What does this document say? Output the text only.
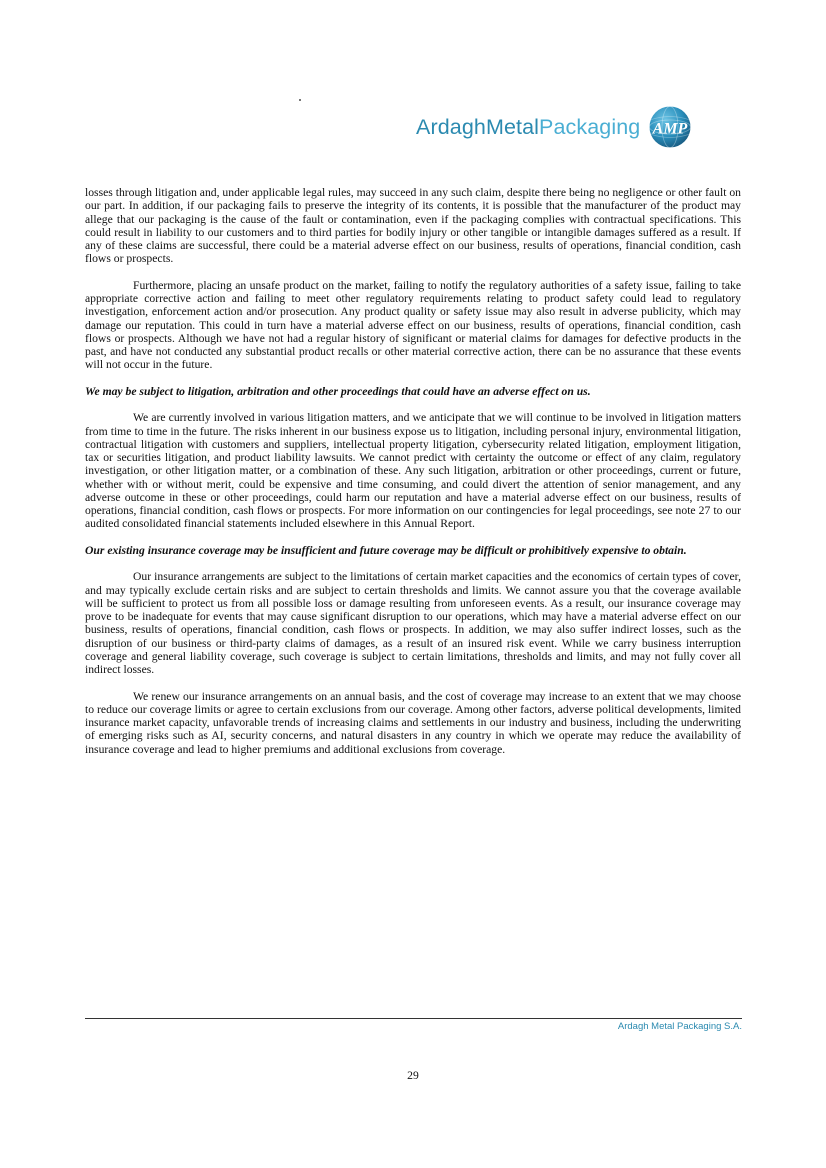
ArdaghMetalPackaging AMP

losses through litigation and, under applicable legal rules, may succeed in any such claim, despite there being no negligence or other fault on our part. In addition, if our packaging fails to preserve the integrity of its contents, it is possible that the manufacturer of the product may allege that our packaging is the cause of the fault or contamination, even if the packaging complies with contractual specifications. This could result in liability to our customers and to third parties for bodily injury or other tangible or intangible damages suffered as a result. If any of these claims are successful, there could be a material adverse effect on our business, results of operations, financial condition, cash flows or prospects.

Furthermore, placing an unsafe product on the market, failing to notify the regulatory authorities of a safety issue, failing to take appropriate corrective action and failing to meet other regulatory requirements relating to product safety could lead to regulatory investigation, enforcement action and/or prosecution. Any product quality or safety issue may also result in adverse publicity, which may damage our reputation. This could in turn have a material adverse effect on our business, results of operations, financial condition, cash flows or prospects. Although we have not had a regular history of significant or material claims for damages for defective products in the past, and have not conducted any substantial product recalls or other material corrective action, there can be no assurance that these events will not occur in the future.

We may be subject to litigation, arbitration and other proceedings that could have an adverse effect on us.

We are currently involved in various litigation matters, and we anticipate that we will continue to be involved in litigation matters from time to time in the future. The risks inherent in our business expose us to litigation, including personal injury, environmental litigation, contractual litigation with customers and suppliers, intellectual property litigation, cybersecurity related litigation, employment litigation, tax or securities litigation, and product liability lawsuits. We cannot predict with certainty the outcome or effect of any claim, regulatory investigation, or other litigation matter, or a combination of these. Any such litigation, arbitration or other proceedings, current or future, whether with or without merit, could be expensive and time consuming, and could divert the attention of senior management, and any adverse outcome in these or other proceedings, could harm our reputation and have a material adverse effect on our business, results of operations, financial condition, cash flows or prospects. For more information on our contingencies for legal proceedings, see note 27 to our audited consolidated financial statements included elsewhere in this Annual Report.

Our existing insurance coverage may be insufficient and future coverage may be difficult or prohibitively expensive to obtain.

Our insurance arrangements are subject to the limitations of certain market capacities and the economics of certain types of cover, and may typically exclude certain risks and are subject to certain thresholds and limits. We cannot assure you that the coverage available will be sufficient to protect us from all possible loss or damage resulting from unforeseen events. As a result, our insurance coverage may prove to be inadequate for events that may cause significant disruption to our operations, which may have a material adverse effect on our business, results of operations, financial condition, cash flows or prospects. In addition, we may also suffer indirect losses, such as the disruption of our business or third-party claims of damages, as a result of an insured risk event. While we carry business interruption coverage and general liability coverage, such coverage is subject to certain limitations, thresholds and limits, and may not fully cover all indirect losses.

We renew our insurance arrangements on an annual basis, and the cost of coverage may increase to an extent that we may choose to reduce our coverage limits or agree to certain exclusions from our coverage. Among other factors, adverse political developments, limited insurance market capacity, unfavorable trends of increasing claims and settlements in our industry and business, including the underwriting of emerging risks such as AI, security concerns, and natural disasters in any country in which we operate may reduce the availability of insurance coverage and lead to higher premiums and additional exclusions from coverage.

Ardagh Metal Packaging S.A.
29
